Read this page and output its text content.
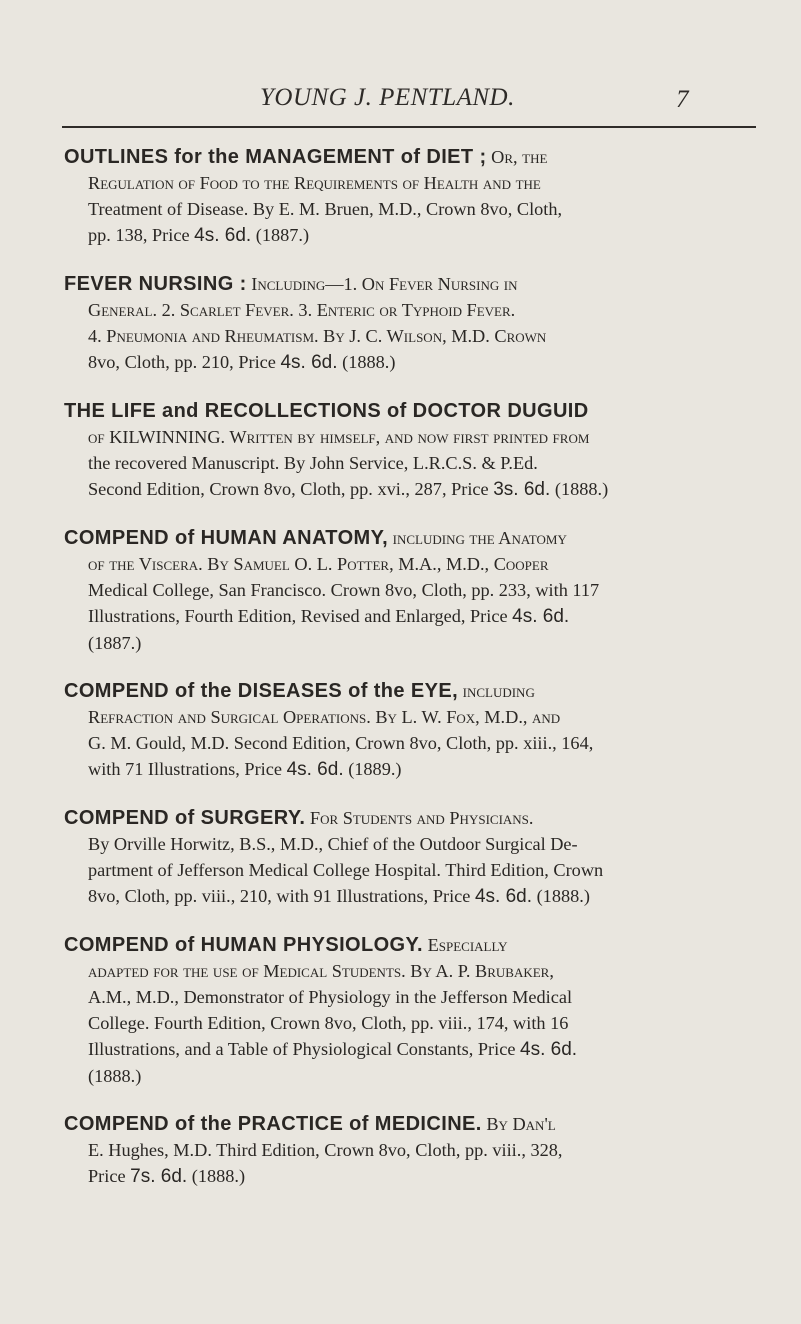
YOUNG J. PENTLAND.	7

OUTLINES for the MANAGEMENT of DIET ; Or, the

Regulation of Food to the Requirements of Health and the

Treatment of Disease. By E. M. Bruen, M.D., Crown 8vo, Cloth,

pp. 138, Price 4s. 6d. (1887.)

FEVER NURSING : Including—1. On Fever Nursing in

General. 2. Scarlet Fever. 3. Enteric or Typhoid Fever.

4. Pneumonia and Rheumatism. By J. C. Wilson, M.D. Crown

8vo, Cloth, pp. 210, Price 4s. 6d. (1888.)

THE LIFE and RECOLLECTIONS of DOCTOR DUGUID

of KILWINNING. Written by himself, and now first printed from

the recovered Manuscript. By John Service, L.R.C.S. & P.Ed.

Second Edition, Crown 8vo, Cloth, pp. xvi., 287, Price 3s. 6d. (1888.)

COMPEND of HUMAN ANATOMY, including the Anatomy

of the Viscera. By Samuel O. L. Potter, M.A., M.D., Cooper

Medical College, San Francisco. Crown 8vo, Cloth, pp. 233, with 117

Illustrations, Fourth Edition, Revised and Enlarged, Price 4s. 6d.

(1887.)

COMPEND of the DISEASES of the EYE, including

Refraction and Surgical Operations. By L. W. Fox, M.D., and

G. M. Gould, M.D. Second Edition, Crown 8vo, Cloth, pp. xiii., 164,

with 71 Illustrations, Price 4s. 6d. (1889.)

COMPEND of SURGERY. For Students and Physicians.

By Orville Horwitz, B.S., M.D., Chief of the Outdoor Surgical De-

partment of Jefferson Medical College Hospital. Third Edition, Crown

8vo, Cloth, pp. viii., 210, with 91 Illustrations, Price 4s. 6d. (1888.)

COMPEND of HUMAN PHYSIOLOGY. Especially

adapted for the use of Medical Students. By A. P. Brubaker,

A.M., M.D., Demonstrator of Physiology in the Jefferson Medical

College. Fourth Edition, Crown 8vo, Cloth, pp. viii., 174, with 16

Illustrations, and a Table of Physiological Constants, Price 4s. 6d.

(1888.)

COMPEND of the PRACTICE of MEDICINE. By Dan'l

E. Hughes, M.D. Third Edition, Crown 8vo, Cloth, pp. viii., 328,

Price 7s. 6d. (1888.)
